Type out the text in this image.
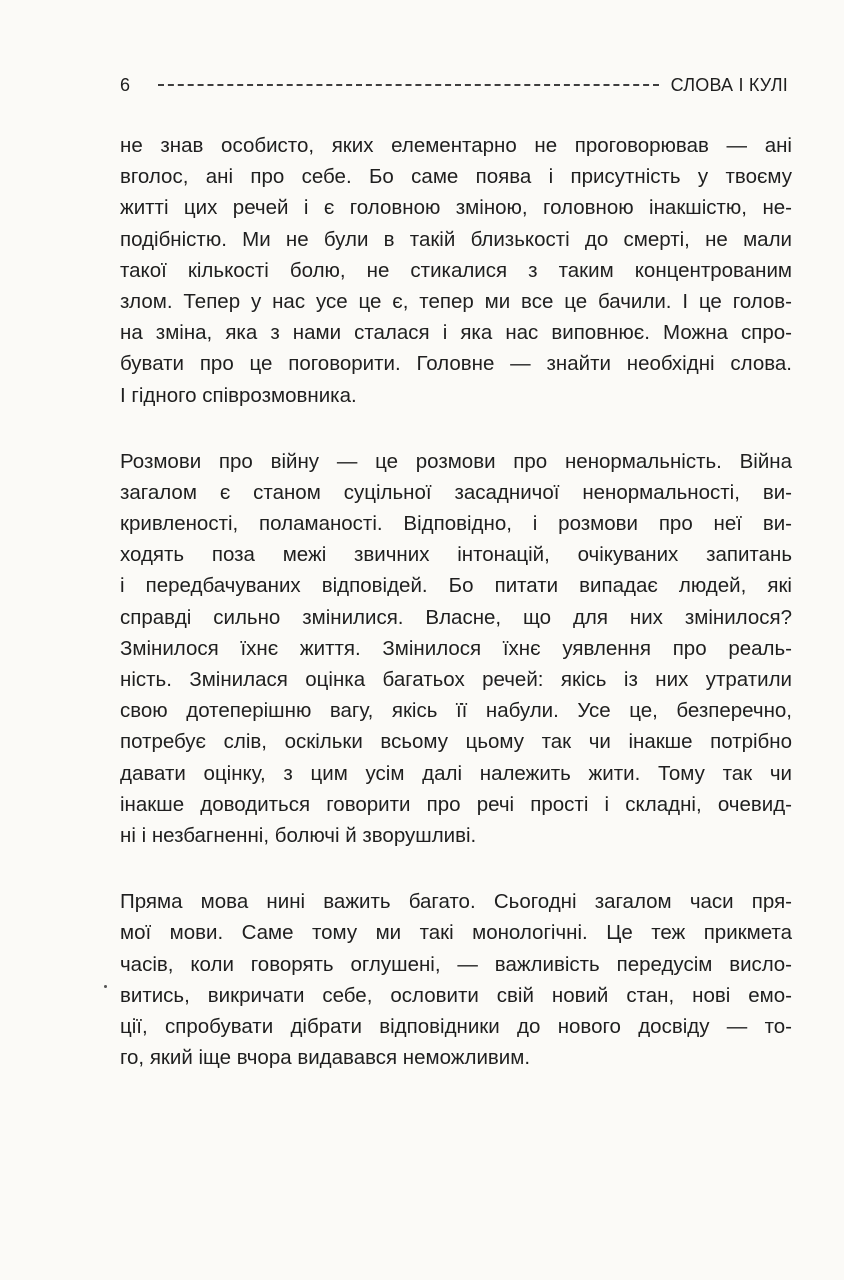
6	СЛОВА І КУЛІ

не знав особисто, яких елементарно не проговорював — ані
вголос, ані про себе. Бо саме поява і присутність у твоєму
житті цих речей і є головною зміною, головною інакшістю, не-
подібністю. Ми не були в такій близькості до смерті, не мали
такої кількості болю, не стикалися з таким концентрованим
злом. Тепер у нас усе це є, тепер ми все це бачили. І це голов-
на зміна, яка з нами сталася і яка нас виповнює. Можна спро-
бувати про це поговорити. Головне — знайти необхідні слова.
І гідного співрозмовника.

Розмови про війну — це розмови про ненормальність. Війна
загалом є станом суцільної засадничої ненормальності, ви-
кривленості, поламаності. Відповідно, і розмови про неї ви-
ходять поза межі звичних інтонацій, очікуваних запитань
і передбачуваних відповідей. Бо питати випадає людей, які
справді сильно змінилися. Власне, що для них змінилося?
Змінилося їхнє життя. Змінилося їхнє уявлення про реаль-
ність. Змінилася оцінка багатьох речей: якісь із них утратили
свою дотеперішню вагу, якісь її набули. Усе це, безперечно,
потребує слів, оскільки всьому цьому так чи інакше потрібно
давати оцінку, з цим усім далі належить жити. Тому так чи
інакше доводиться говорити про речі прості і складні, очевид-
ні і незбагненні, болючі й зворушливі.

Пряма мова нині важить багато. Сьогодні загалом часи пря-
мої мови. Саме тому ми такі монологічні. Це теж прикмета
часів, коли говорять оглушені, — важливість передусім вислo-
витись, викричати себе, ословити свій новий стан, нові емо-
ції, спробувати дібрати відповідники до нового досвіду — то-
го, який іще вчора видавався неможливим.
